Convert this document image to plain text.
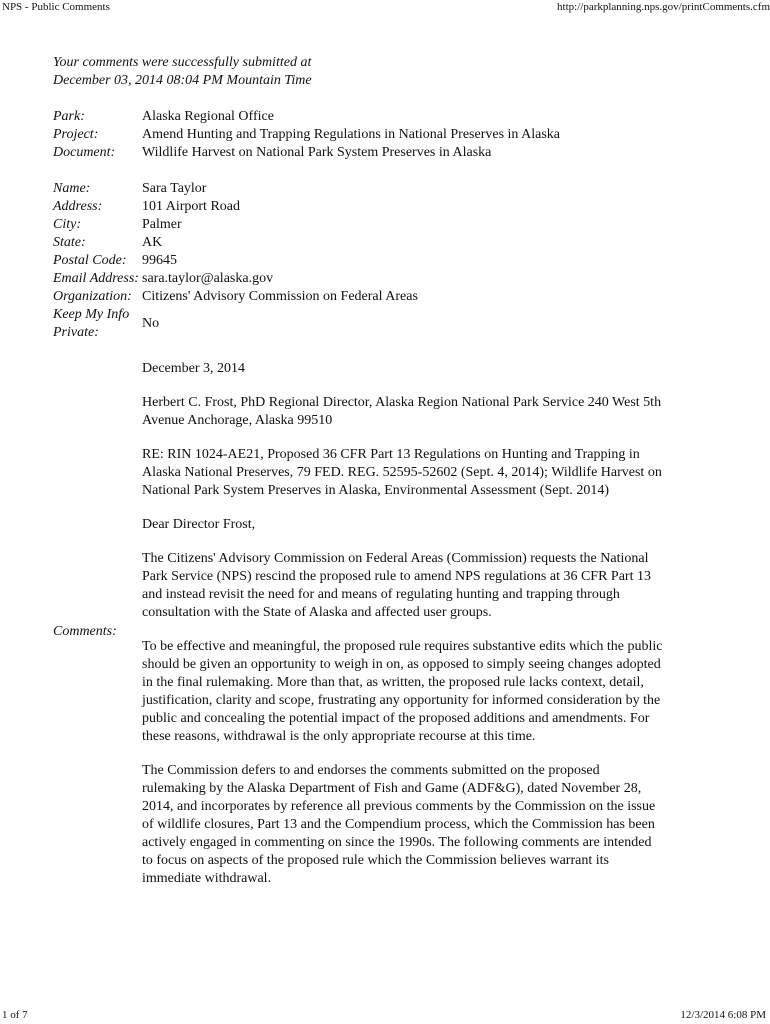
NPS - Public Comments	http://parkplanning.nps.gov/printComments.cfm
Your comments were successfully submitted at
December 03, 2014 08:04 PM Mountain Time
Park:	Alaska Regional Office
Project:	Amend Hunting and Trapping Regulations in National Preserves in Alaska
Document:	Wildlife Harvest on National Park System Preserves in Alaska
Name:	Sara Taylor
Address:	101 Airport Road
City:	Palmer
State:	AK
Postal Code:	99645
Email Address: sara.taylor@alaska.gov
Organization: Citizens' Advisory Commission on Federal Areas
Keep My Info Private:
No
Comments:

December 3, 2014

Herbert C. Frost, PhD Regional Director, Alaska Region National Park Service 240 West 5th Avenue Anchorage, Alaska 99510

RE: RIN 1024-AE21, Proposed 36 CFR Part 13 Regulations on Hunting and Trapping in Alaska National Preserves, 79 FED. REG. 52595-52602 (Sept. 4, 2014); Wildlife Harvest on National Park System Preserves in Alaska, Environmental Assessment (Sept. 2014)

Dear Director Frost,

The Citizens' Advisory Commission on Federal Areas (Commission) requests the National Park Service (NPS) rescind the proposed rule to amend NPS regulations at 36 CFR Part 13 and instead revisit the need for and means of regulating hunting and trapping through consultation with the State of Alaska and affected user groups.

To be effective and meaningful, the proposed rule requires substantive edits which the public should be given an opportunity to weigh in on, as opposed to simply seeing changes adopted in the final rulemaking. More than that, as written, the proposed rule lacks context, detail, justification, clarity and scope, frustrating any opportunity for informed consideration by the public and concealing the potential impact of the proposed additions and amendments. For these reasons, withdrawal is the only appropriate recourse at this time.

The Commission defers to and endorses the comments submitted on the proposed rulemaking by the Alaska Department of Fish and Game (ADF&G), dated November 28, 2014, and incorporates by reference all previous comments by the Commission on the issue of wildlife closures, Part 13 and the Compendium process, which the Commission has been actively engaged in commenting on since the 1990s. The following comments are intended to focus on aspects of the proposed rule which the Commission believes warrant its immediate withdrawal.

1 of 7	12/3/2014 6:08 PM
